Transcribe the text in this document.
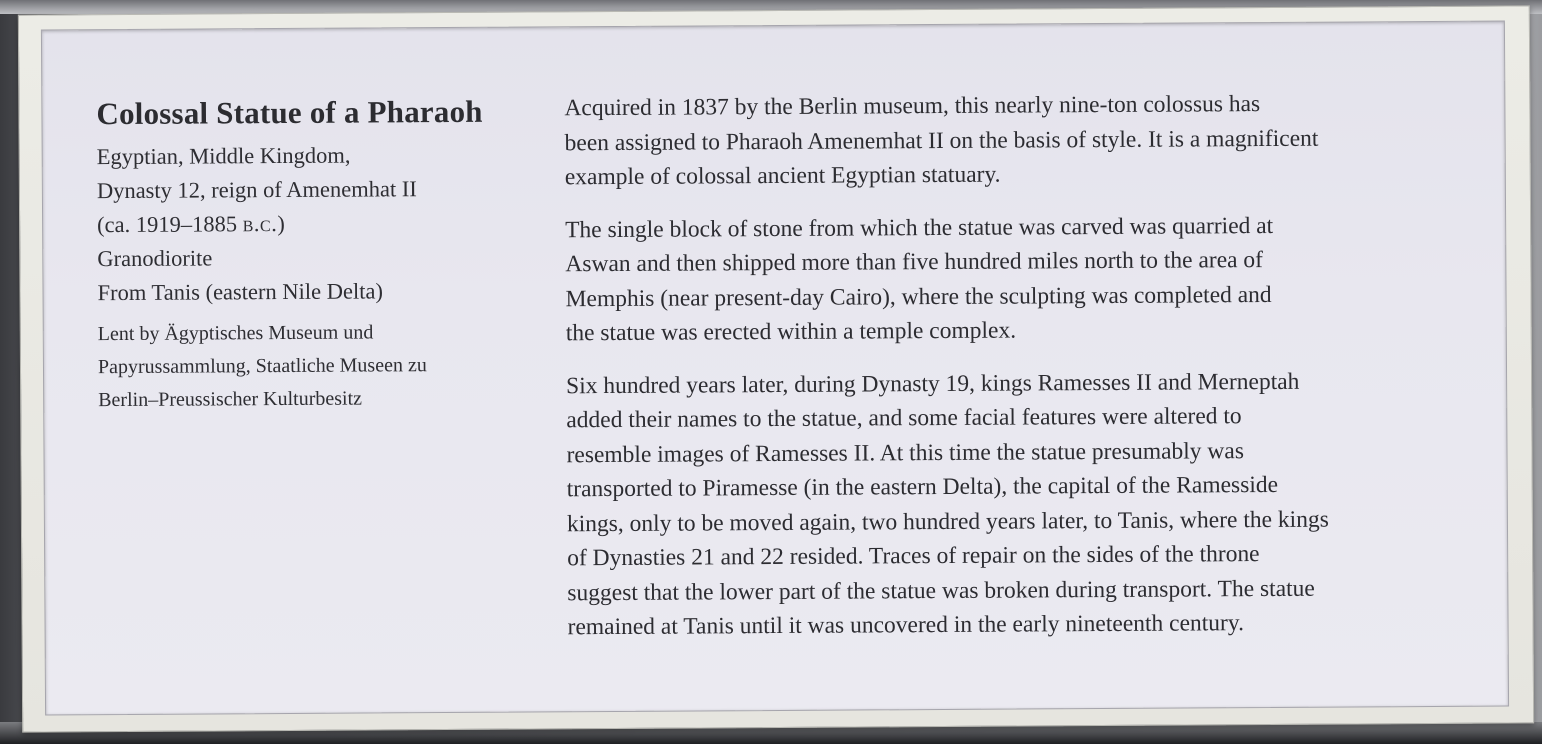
Colossal Statue of a Pharaoh

Egyptian, Middle Kingdom,

Dynasty 12, reign of Amenemhat II

(ca. 1919–1885 b.c.)

Granodiorite

From Tanis (eastern Nile Delta)

Lent by Ägyptisches Museum und

Papyrussammlung, Staatliche Museen zu

Berlin–Preussischer Kulturbesitz

Acquired in 1837 by the Berlin museum, this nearly nine-ton colossus has

been assigned to Pharaoh Amenemhat II on the basis of style. It is a magnificent

example of colossal ancient Egyptian statuary.

The single block of stone from which the statue was carved was quarried at

Aswan and then shipped more than five hundred miles north to the area of

Memphis (near present-day Cairo), where the sculpting was completed and

the statue was erected within a temple complex.

Six hundred years later, during Dynasty 19, kings Ramesses II and Merneptah

added their names to the statue, and some facial features were altered to

resemble images of Ramesses II. At this time the statue presumably was

transported to Piramesse (in the eastern Delta), the capital of the Ramesside

kings, only to be moved again, two hundred years later, to Tanis, where the kings

of Dynasties 21 and 22 resided. Traces of repair on the sides of the throne

suggest that the lower part of the statue was broken during transport. The statue

remained at Tanis until it was uncovered in the early nineteenth century.
